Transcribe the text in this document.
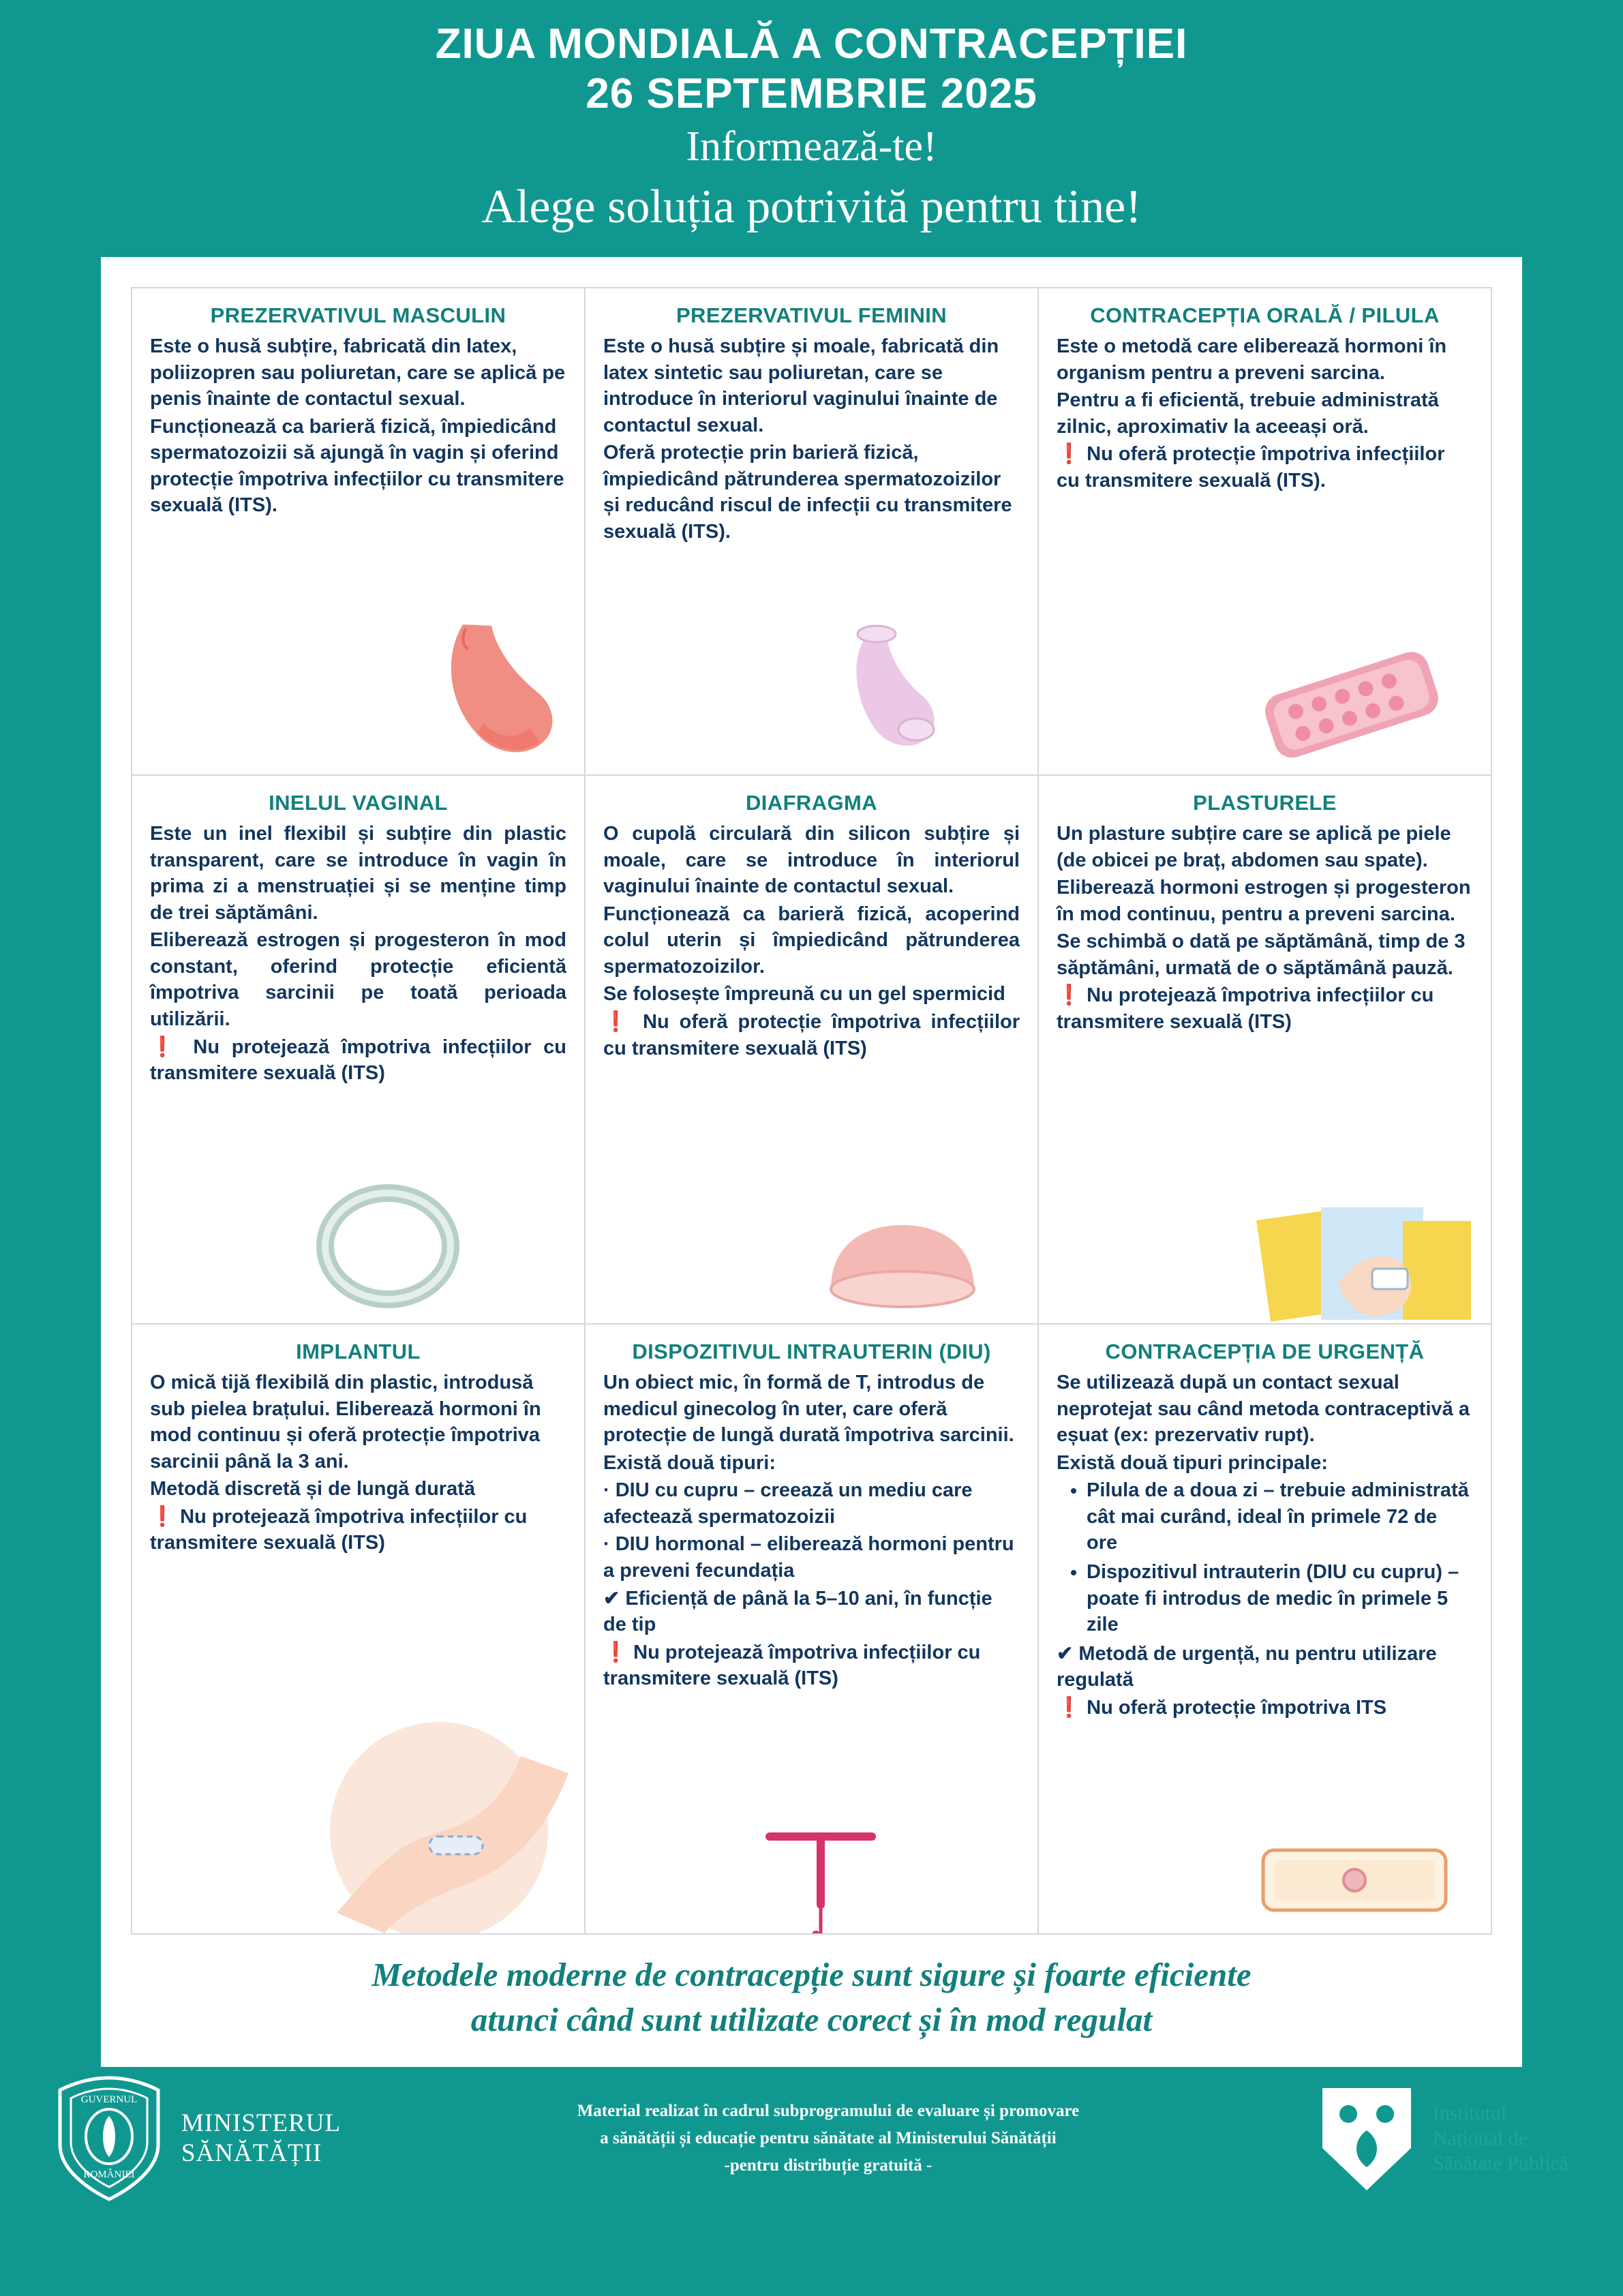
ZIUA MONDIALĂ A CONTRACEPȚIEI
26 SEPTEMBRIE 2025
Informează-te!
Alege soluția potrivită pentru tine!
PREZERVATIVUL MASCULIN

Este o husă subțire, fabricată din latex, poliizopren sau poliuretan, care se aplică pe penis înainte de contactul sexual.

Funcționează ca barieră fizică, împiedicând spermatozoizii să ajungă în vagin și oferind protecție împotriva infecțiilor cu transmitere sexuală (ITS).

PREZERVATIVUL FEMININ

Este o husă subțire și moale, fabricată din latex sintetic sau poliuretan, care se introduce în interiorul vaginului înainte de contactul sexual.

Oferă protecție prin barieră fizică, împiedicând pătrunderea spermatozoizilor și reducând riscul de infecții cu transmitere sexuală (ITS).

CONTRACEPȚIA ORALĂ / PILULA

Este o metodă care eliberează hormoni în organism pentru a preveni sarcina.

Pentru a fi eficientă, trebuie administrată zilnic, aproximativ la aceeași oră.

❗ Nu oferă protecție împotriva infecțiilor cu transmitere sexuală (ITS).

INELUL VAGINAL

Este un inel flexibil și subțire din plastic transparent, care se introduce în vagin în prima zi a menstruației și se menține timp de trei săptămâni.

Eliberează estrogen și progesteron în mod constant, oferind protecție eficientă împotriva sarcinii pe toată perioada utilizării.

❗ Nu protejează împotriva infecțiilor cu transmitere sexuală (ITS)

DIAFRAGMA

O cupolă circulară din silicon subțire și moale, care se introduce în interiorul vaginului înainte de contactul sexual.

Funcționează ca barieră fizică, acoperind colul uterin și împiedicând pătrunderea spermatozoizilor.

Se folosește împreună cu un gel spermicid

❗ Nu oferă protecție împotriva infecțiilor cu transmitere sexuală (ITS)

PLASTURELE

Un plasture subțire care se aplică pe piele (de obicei pe braț, abdomen sau spate).

Eliberează hormoni estrogen și progesteron în mod continuu, pentru a preveni sarcina.

Se schimbă o dată pe săptămână, timp de 3 săptămâni, urmată de o săptămână pauză.

❗ Nu protejează împotriva infecțiilor cu transmitere sexuală (ITS)

IMPLANTUL

O mică tijă flexibilă din plastic, introdusă sub pielea brațului. Eliberează hormoni în mod continuu și oferă protecție împotriva sarcinii până la 3 ani.

Metodă discretă și de lungă durată

❗ Nu protejează împotriva infecțiilor cu transmitere sexuală (ITS)

DISPOZITIVUL INTRAUTERIN (DIU)

Un obiect mic, în formă de T, introdus de medicul ginecolog în uter, care oferă protecție de lungă durată împotriva sarcinii.

Există două tipuri:

· DIU cu cupru – creează un mediu care afectează spermatozoizii

· DIU hormonal – eliberează hormoni pentru a preveni fecundația

✔ Eficiență de până la 5–10 ani, în funcție de tip

❗ Nu protejează împotriva infecțiilor cu transmitere sexuală (ITS)

CONTRACEPȚIA DE URGENȚĂ

Se utilizează după un contact sexual neprotejat sau când metoda contraceptivă a eșuat (ex: prezervativ rupt).

Există două tipuri principale:

• Pilula de a doua zi – trebuie administrată cât mai curând, ideal în primele 72 de ore
• Dispozitivul intrauterin (DIU cu cupru) – poate fi introdus de medic în primele 5 zile

✔ Metodă de urgență, nu pentru utilizare regulată

❗ Nu oferă protecție împotriva ITS

Metodele moderne de contracepție sunt sigure și foarte eficiente
atunci când sunt utilizate corect și în mod regulat
GUVERNUL
ROMÂNIEI
MINISTERUL
SĂNĂTĂȚII
Material realizat în cadrul subprogramului de evaluare și promovare
a sănătății și educație pentru sănătate al Ministerului Sănătății
-pentru distribuție gratuită -
Institutul
Național de
Sănătate Publică
